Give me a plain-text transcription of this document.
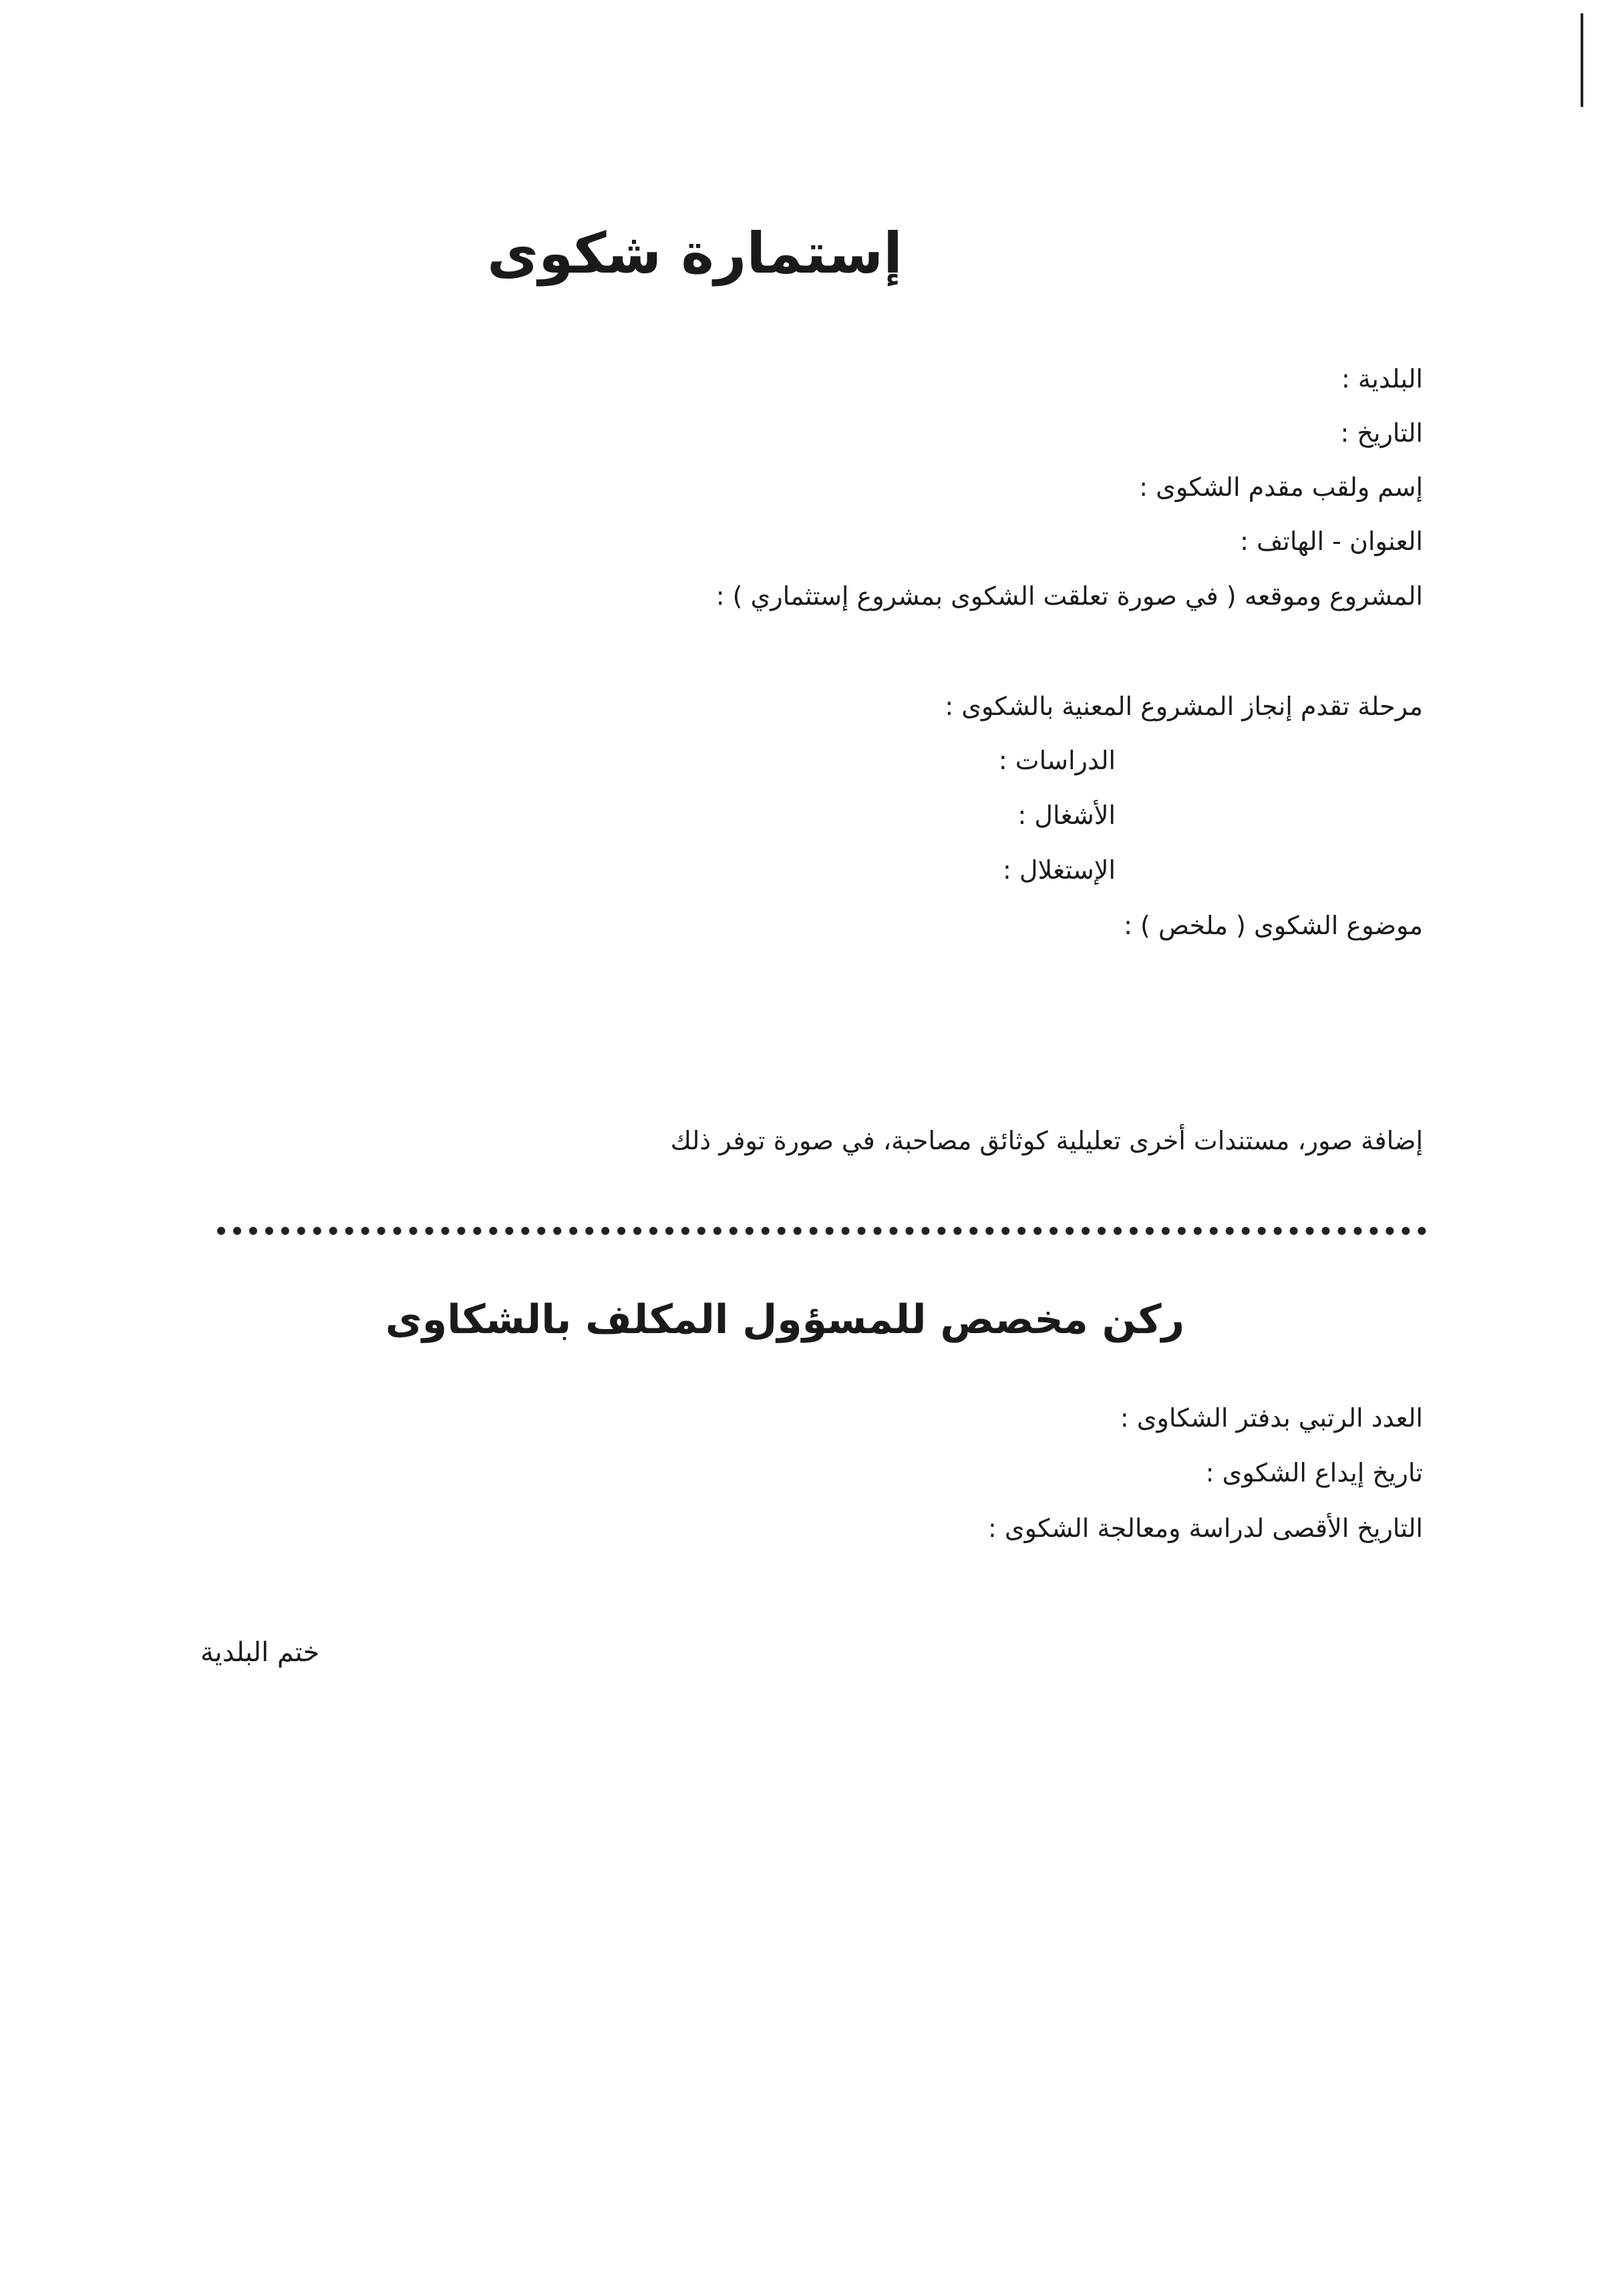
إستمارة شكوى

البلدية :

التاريخ :

إسم ولقب مقدم الشكوى :

العنوان - الهاتف :

المشروع وموقعه ( في صورة تعلقت الشكوى بمشروع إستثماري ) :

مرحلة تقدم إنجاز المشروع المعنية بالشكوى :

الدراسات :

الأشغال :

الإستغلال :

موضوع الشكوى ( ملخص ) :

إضافة صور، مستندات أخرى تعليلية كوثائق مصاحبة، في صورة توفر ذلك

ركن مخصص للمسؤول المكلف بالشكاوى

العدد الرتبي بدفتر الشكاوى :

تاريخ إيداع الشكوى :

التاريخ الأقصى لدراسة ومعالجة الشكوى :

ختم البلدية
